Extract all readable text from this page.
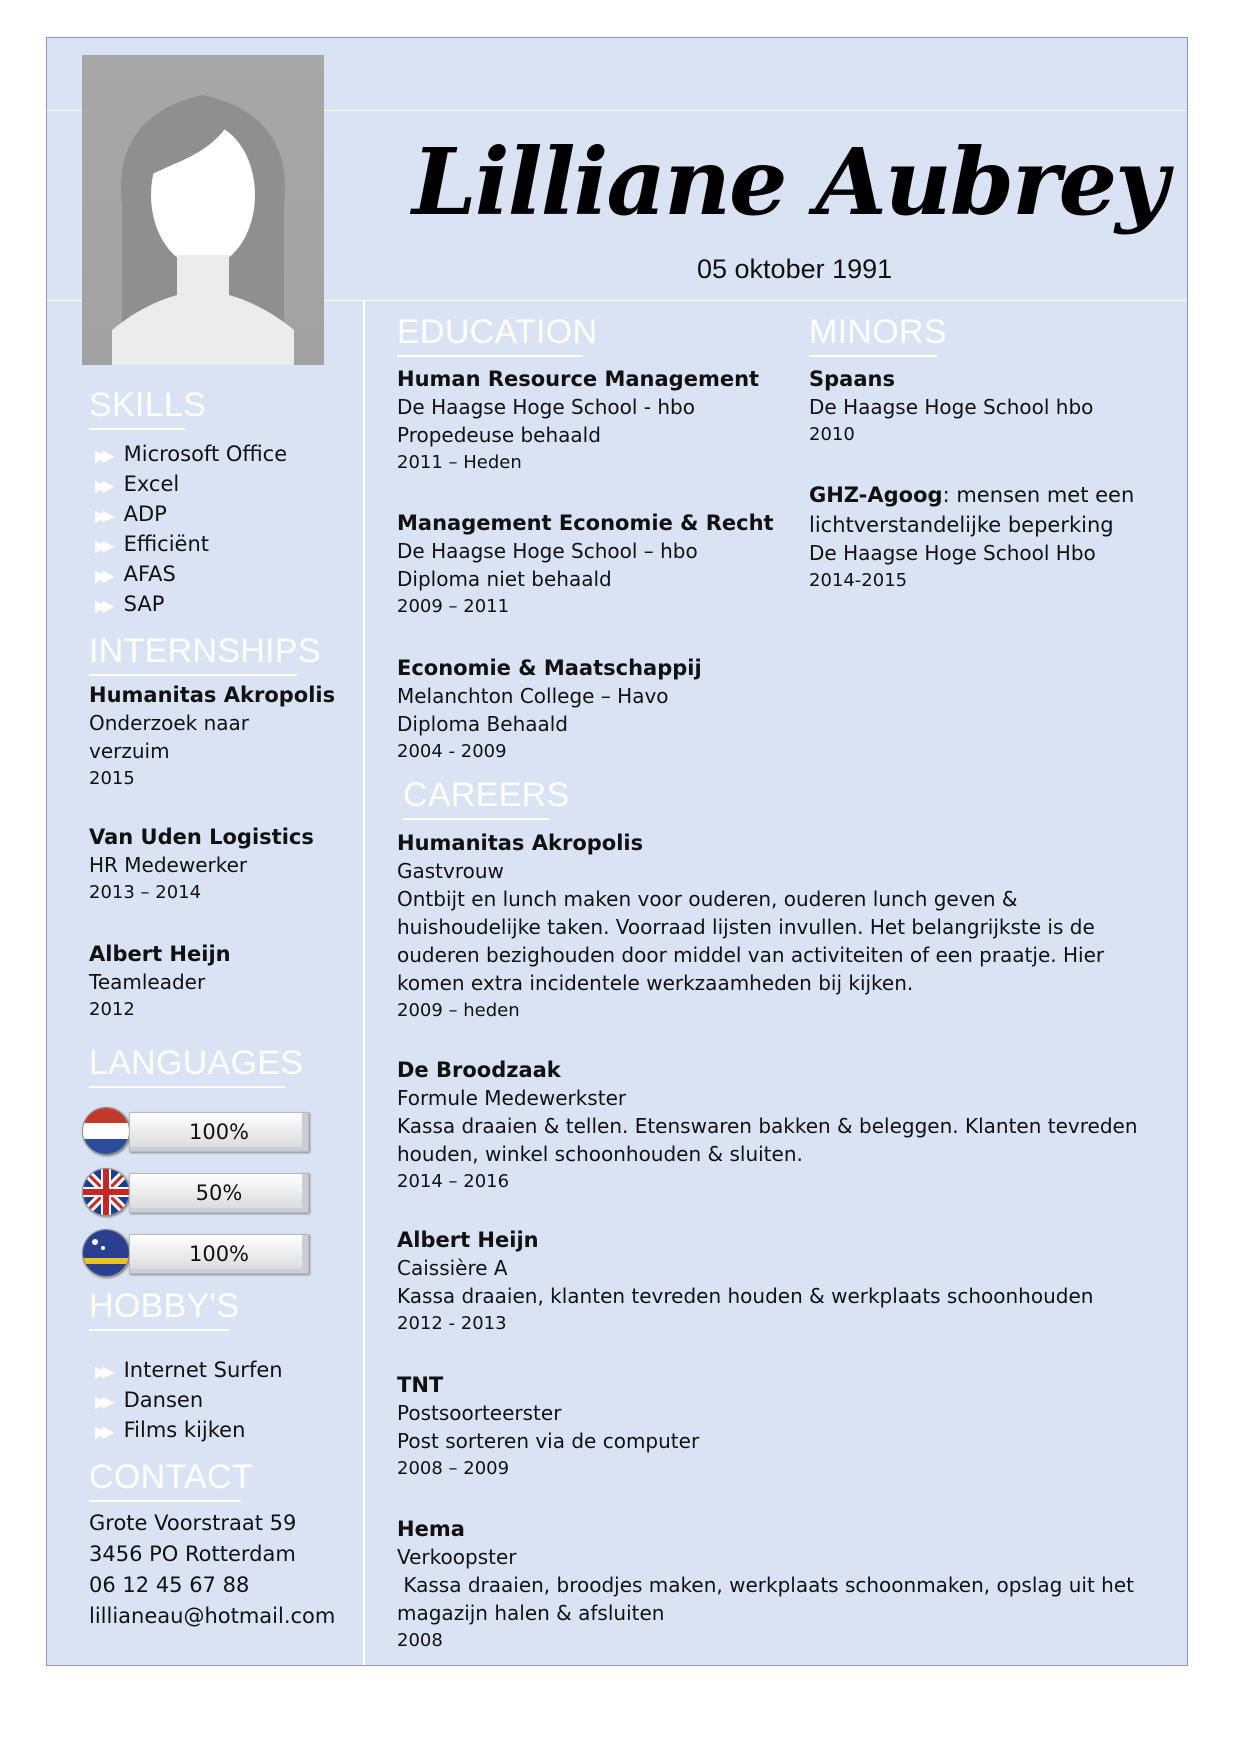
Lilliane Aubrey
05 oktober 1991
SKILLS
▶▶ Microsoft Office
▶▶ Excel
▶▶ ADP
▶▶ Efficiënt
▶▶ AFAS
▶▶ SAP
INTERNSHIPS
Humanitas Akropolis
Onderzoek naar
verzuim
2015
Van Uden Logistics
HR Medewerker
2013 – 2014
Albert Heijn
Teamleader
2012
LANGUAGES
100%
50%
100%
HOBBY'S
▶▶ Internet Surfen
▶▶ Dansen
▶▶ Films kijken
CONTACT
Grote Voorstraat 59
3456 PO Rotterdam
06 12 45 67 88
lillianeau@hotmail.com
EDUCATION
Human Resource Management
De Haagse Hoge School - hbo
Propedeuse behaald
2011 – Heden
Management Economie & Recht
De Haagse Hoge School – hbo
Diploma niet behaald
2009 – 2011
Economie & Maatschappij
Melanchton College – Havo
Diploma Behaald
2004 - 2009
MINORS
Spaans
De Haagse Hoge School hbo
2010
GHZ-Agoog: mensen met een
lichtverstandelijke beperking
De Haagse Hoge School Hbo
2014-2015
CAREERS
Humanitas Akropolis
Gastvrouw
Ontbijt en lunch maken voor ouderen, ouderen lunch geven & huishoudelijke taken. Voorraad lijsten invullen. Het belangrijkste is de ouderen bezighouden door middel van activiteiten of een praatje. Hier komen extra incidentele werkzaamheden bij kijken.
2009 – heden
De Broodzaak
Formule Medewerkster
Kassa draaien & tellen. Etenswaren bakken & beleggen. Klanten tevreden houden, winkel schoonhouden & sluiten.
2014 – 2016
Albert Heijn
Caissière A
Kassa draaien, klanten tevreden houden & werkplaats schoonhouden
2012 - 2013
TNT
Postsoorteerster
Post sorteren via de computer
2008 – 2009
Hema
Verkoopster
Kassa draaien, broodjes maken, werkplaats schoonmaken, opslag uit het magazijn halen & afsluiten
2008
